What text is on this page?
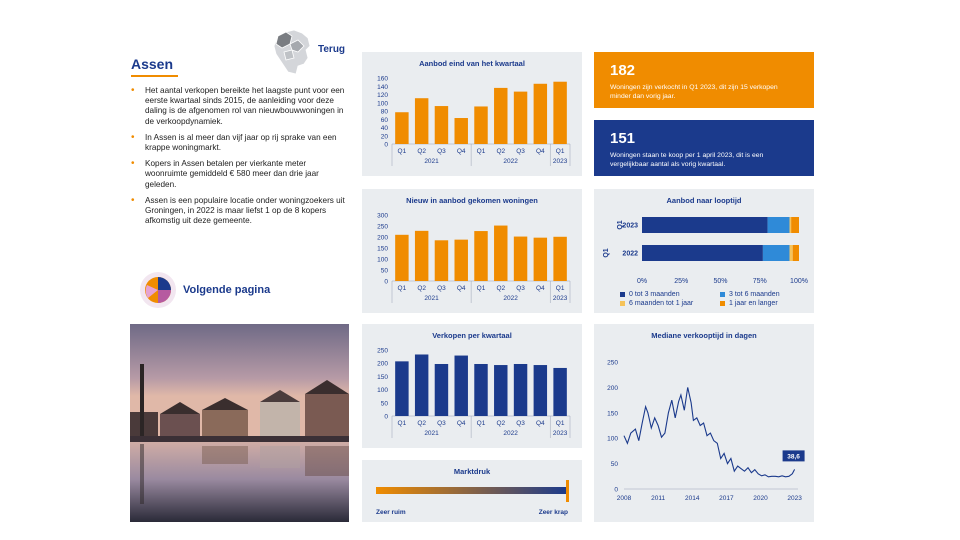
Assen
• Het aantal verkopen bereikte het laagste punt voor een eerste kwartaal sinds 2015, de aanleiding voor deze daling is de afgenomen rol van nieuwbouwwoningen in de verkoopdynamiek.
• In Assen is al meer dan vijf jaar op rij sprake van een krappe woningmarkt.
• Kopers in Assen betalen per vierkante meter woonruimte gemiddeld € 580 meer dan drie jaar geleden.
• Assen is een populaire locatie onder woningzoekers uit Groningen, in 2022 is maar liefst 1 op de 8 kopers afkomstig uit deze gemeente.
Terug
Volgende pagina
Aanbod eind van het kwartaal
0
20
40
60
80
100
120
140
160
Q1 Q2 Q3 Q4 Q1 Q2 Q3 Q4 Q1
2021	2022	2023
Nieuw in aanbod gekomen woningen
0
50
100
150
200
250
300
Q1 Q2 Q3 Q4 Q1 Q2 Q3 Q4 Q1
2021	2022	2023
Verkopen per kwartaal
0
50
100
150
200
250
Q1 Q2 Q3 Q4 Q1 Q2 Q3 Q4 Q1
2021	2022	2023
Marktdruk
Zeer ruim	Zeer krap
182
Woningen zijn verkocht in Q1 2023, dit zijn 15 verkopen minder dan vorig jaar.
151
Woningen staan te koop per 1 april 2023, dit is een vergelijkbaar aantal als vorig kwartaal.
Aanbod naar looptijd
2023
2022
Q1
Q1
0%	25%	50%	75%	100%
0 tot 3 maanden	3 tot 6 maanden
6 maanden tot 1 jaar	1 jaar en langer
Mediane verkooptijd in dagen
0
50
100
150
200
250
2008	2011	2014	2017	2020	2023
38,6
